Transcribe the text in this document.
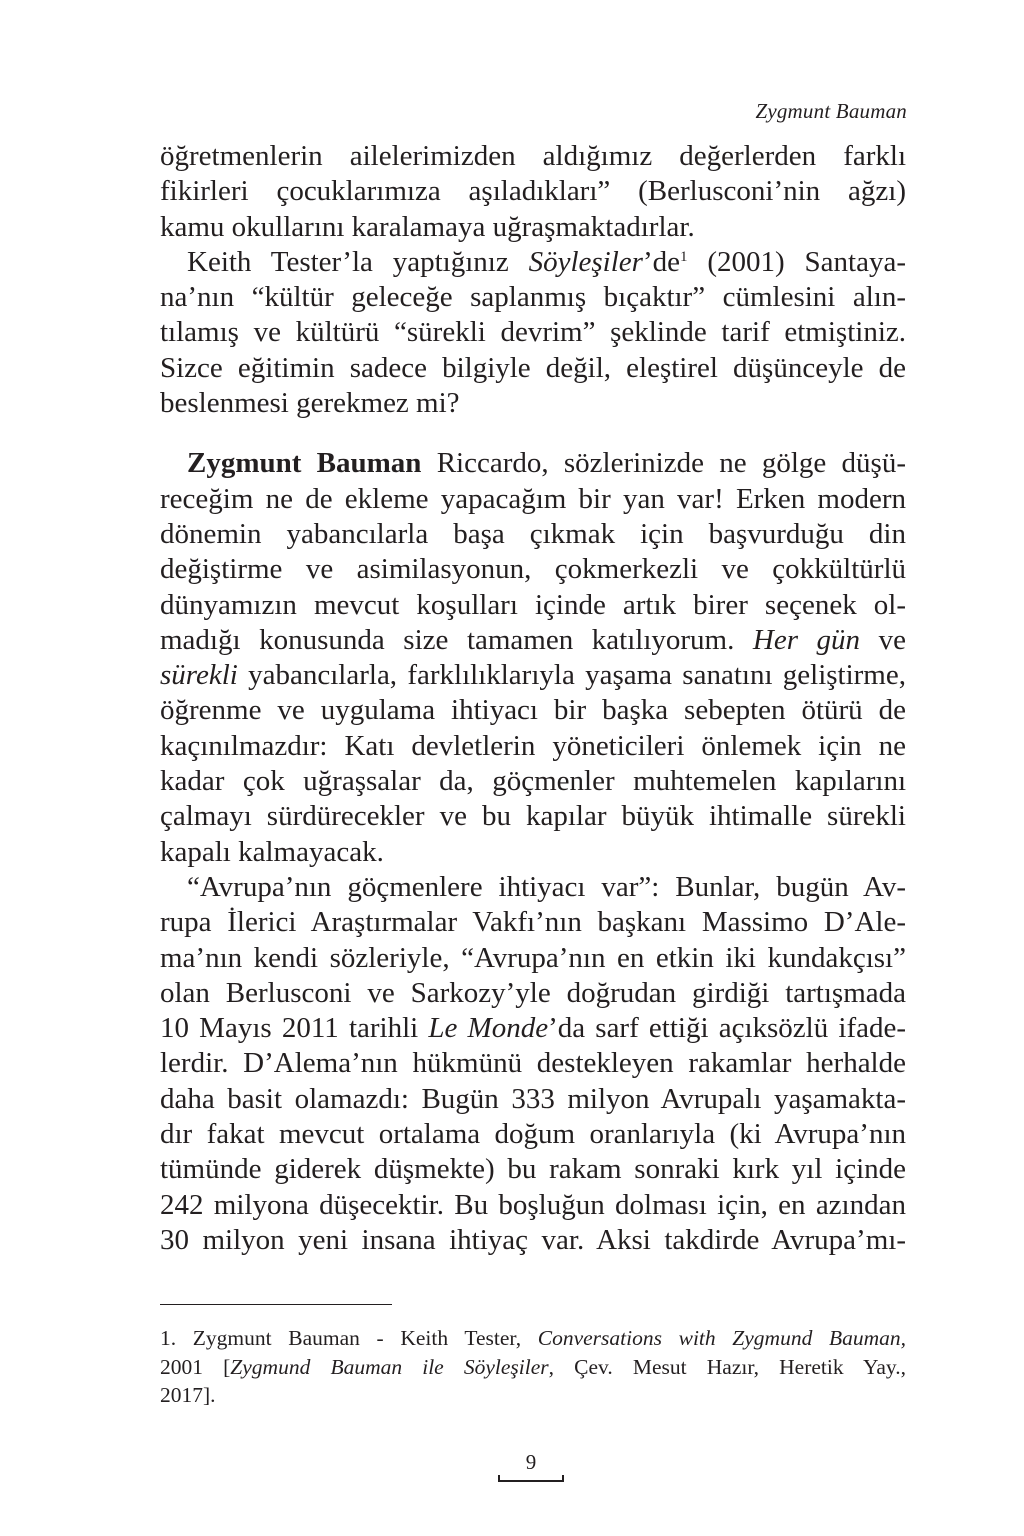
Zygmunt Bauman
öğretmenlerin ailelerimizden aldığımız değerlerden farklı
fikirleri çocuklarımıza aşıladıkları” (Berlusconi’nin ağzı)
kamu okullarını karalamaya uğraşmaktadırlar.
Keith Tester’la yaptığınız $Söyleşiler’de^1$ (2001) Santaya-
na’nın “kültür geleceğe saplanmış bıçaktır” cümlesini alın-
tılamış ve kültürü “sürekli devrim” şeklinde tarif etmiştiniz.
Sizce eğitimin sadece bilgiyle değil, eleştirel düşünceyle de
beslenmesi gerekmez mi?
Zygmunt Bauman Riccardo, sözlerinizde ne gölge düşü-
receğim ne de ekleme yapacağım bir yan var! Erken modern
dönemin yabancılarla başa çıkmak için başvurduğu din
değiştirme ve asimilasyonun, çokmerkezli ve çokkültürlü
dünyamızın mevcut koşulları içinde artık birer seçenek ol-
madığı konusunda size tamamen katılıyorum. Her gün ve
sürekli yabancılarla, farklılıklarıyla yaşama sanatını geliştirme,
öğrenme ve uygulama ihtiyacı bir başka sebepten ötürü de
kaçınılmazdır: Katı devletlerin yöneticileri önlemek için ne
kadar çok uğraşsalar da, göçmenler muhtemelen kapılarını
çalmayı sürdürecekler ve bu kapılar büyük ihtimalle sürekli
kapalı kalmayacak.
“Avrupa’nın göçmenlere ihtiyacı var”: Bunlar, bugün Av-
rupa İlerici Araştırmalar Vakfı’nın başkanı Massimo D’Ale-
ma’nın kendi sözleriyle, “Avrupa’nın en etkin iki kundakçısı”
olan Berlusconi ve Sarkozy’yle doğrudan girdiği tartışmada
10 Mayıs 2011 tarihli Le Monde’da sarf ettiği açıksözlü ifade-
lerdir. D’Alema’nın hükmünü destekleyen rakamlar herhalde
daha basit olamazdı: Bugün 333 milyon Avrupalı yaşamakta-
dır fakat mevcut ortalama doğum oranlarıyla (ki Avrupa’nın
tümünde giderek düşmekte) bu rakam sonraki kırk yıl içinde
242 milyona düşecektir. Bu boşluğun dolması için, en azından
30 milyon yeni insana ihtiyaç var. Aksi takdirde Avrupa’mı-
1. Zygmunt Bauman - Keith Tester, Conversations with Zygmund Bauman,
2001 [Zygmund Bauman ile Söyleşiler, Çev. Mesut Hazır, Heretik Yay.,
2017].
9
